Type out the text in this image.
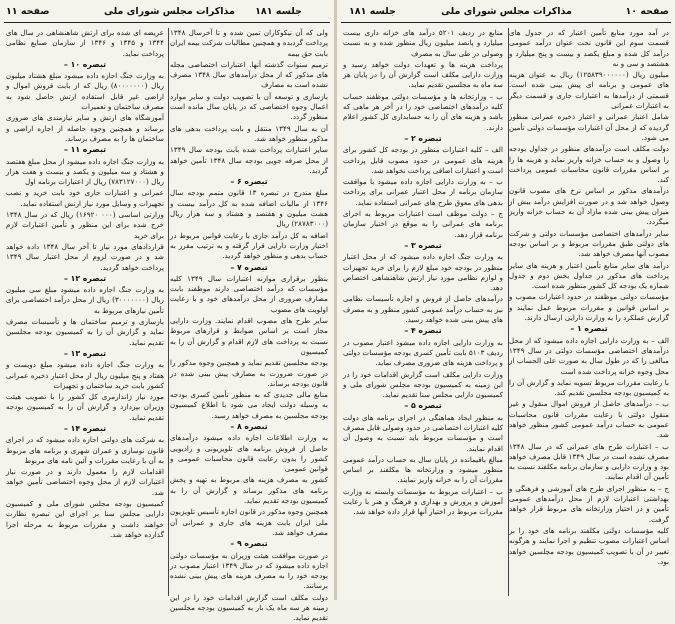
صفحه ۱۱	مذاکرات مجلس شورای ملی جلسه ۱۸۱

ولی که آن نیکوکاران تمین شده و تا آخرسال ۱۳۴۸ پرداخت گردیده و همچنین مطالبات شرکت بیمه ایران بابت حق بیمه

ترمیم سنوات گذشته آنها. اعتبارات اختصاصی مجله های مذکور که از محل درآمدهای سال ۱۳۴۸ مصرف نشده است به مصارف

بازسازی و توسعه آن با تصویب دولت و سایر موارد اعمال وجوه اختصاصی که در پایان سال مانده است منظور گردد.

آن به سال ۱۳۴۹ منتقل و بابت پرداخت بدهی های مذکور منظور خواهد شد.

سایر اعتبارات پرداخت شده بابت بودجه سال ۱۳۴۹ از محل صرفه جویی بودجه سال ۱۳۴۸ تأمین خواهد گردید.

تبصره ۶ –

مبلغ مندرج در تبصره ۱۳ قانون متمم بودجه سال ۱۳۴۶ از مالیات اضافه شده به کل درآمد بیست و هشت میلیون و هفتصد و هشتاد و سه هزار ریال (۲۸۷۸۳۰۰۰) ریال

اضافه به کل درآمد جاری با رعایت قوانین مربوط در اختیار وزارت دارایی قرار گرفته و به ترتیب مقرر به حساب بدهی و منظور خواهد گردید.

تبصره ۷ –

بنظور برقراری موازنه اعتبارات سال ۱۳۴۹ کلیه مؤسسات که درآمد اختصاصی دارند موظفند بابت مصارف ضروری از محل درآمدهای خود و با رعایت اولویت های مصوب

سایر طرح های مصوب اقدام نمایند. وزارت دارایی مجاز است بر اساس ضوابط و قرارهای مربوط نسبت به پرداخت های لازم اقدام و گزارش آن را به کمیسیون

بودجه مجلسین تقدیم نماید و همچنین وجوه مذکور را در صورت ضرورت به مصارف پیش بینی شده در قانون بودجه برساند.

منابع مالی جدیدی که به منظور تأمین کسری بودجه به وسیله دولت ایجاد می شود با اطلاع کمیسیون بودجه مجلسین به مصرف خواهد رسید.

تبصره ۸ –

به وزارت اطلاعات اجازه داده میشود درآمدهای حاصل از فروش برنامه های تلویزیونی و رادیویی کشور را بدون رعایت قانون محاسبات عمومی و قوانین عمومی

کشور به مصرف هزینه های مربوط به تهیه و پخش برنامه های مذکور برساند و گزارش آن را به کمیسیون بودجه تقدیم نماید.

همچنین وجوه مذکور در قانون اجازه تأسیس تلویزیون ملی ایران بابت هزینه های جاری و عمرانی آن مصرف خواهد شد.

تبصره ۹ –

در صورت موافقت هیئت وزیران به مؤسسات دولتی اجازه داده میشود که در سال ۱۳۴۹ اعتبار مصوب در بودجه خود را به مصرف هزینه های پیش بینی نشده برسانند.

دولت مکلف است گزارش اقدامات خود را در این زمینه هر سه ماه یک بار به کمیسیون بودجه مجلسین تقدیم نماید.

عریضه ای شده برای ارتش شاهنشاهی در سال های ۱۳۴۴ و ۱۳۴۵ و ۱۳۴۶ از سازمان صنایع نظامی پرداخت نماید.

تبصره ۱۰ –

به وزارت جنگ اجازه داده میشود مبلغ هشتاد میلیون ریال (۸۰۰۰۰۰۰۰) ریال که از بابت فروش اموال و اراضی غیر قابل استفاده ارتش حاصل شود به مصرف ساختمان و تعمیرات

آموزشگاه های ارتش و سایر نیازمندی های ضروری برساند و همچنین وجوه حاصله از اجاره اراضی و ساختمان ها را به مصرف برساند.

تبصره ۱۱ –

به وزارت جنگ اجازه داده میشود از محل مبلغ هفتصد و هشتاد و سه میلیون و یکصد و بیست و هفت هزار ریال (۷۸۳۱۲۷۰۰۰) ریال از اعتبارات برنامه اول

عمرانی و اعتبارات جاری خود بابت خرید و نصب تجهیزات و وسایل مورد نیاز ارتش استفاده نماید.

وزارتی اساسی (۰۰۰ ۱۶۹۲۰) ریال که در سال ۱۳۴۸ خرج شده برای این منظور و تأمین اعتبارات لازم برای خرید

قراردادهای مورد نیاز تا آخر سال ۱۳۴۸ داده خواهد شد و در صورت لزوم از محل اعتبار سال ۱۳۴۹ پرداخت خواهد گردید.

تبصره ۱۲ –

به وزارت جنگ اجازه داده میشود مبلغ سی میلیون ریال (۳۰۰۰۰۰۰۰) ریال از محل درآمد اختصاصی برای تأمین نیازهای مربوط به

بازسازی و ترمیم ساختمان ها و تأسیسات مصرف نماید و گزارش آن را به کمیسیون بودجه مجلسین تقدیم نماید.

تبصره ۱۳ –

به وزارت جنگ اجازه داده میشود مبلغ دویست و هفتاد و پنج میلیون ریال از محل اعتبار ذخیره عمرانی کشور بابت خرید ساختمان و تجهیزات

مورد نیاز ژاندارمری کل کشور را با تصویب هیئت وزیران بپردازد و گزارش آن را به کمیسیون بودجه تقدیم نماید.

تبصره ۱۴ –

به شرکت های دولتی اجازه داده میشود که در اجرای قانون نوسازی و عمران شهری و برنامه های مربوط به آن با رعایت مقررات و آئین نامه های مربوط

اقدامات لازم را معمول دارند و در صورت نیاز اعتبارات لازم از محل وجوه اختصاصی تأمین خواهد شد.

کمیسیون بودجه مجلس شورای ملی و کمیسیون دارایی مجلس سنا بر اجرای این تبصره نظارت خواهند داشت و مقررات مربوط به مرحله اجرا گذارده خواهد شد.

جلسه ۱۸۱	مذاکرات مجلس شورای ملی	صفحه ۱۰

در آمد مورد منابع تأمین اعتبار که در جدول های قسمت سوم این قانون تحت عنوان درآمد عمومی درآمد کل شده و مبلغ یکصد و بیست و پنج میلیارد و هشتصد و سی و نه

میلیون ریال (۱۲۵۸۳۹۰۰۰۰۰۰) ریال به عنوان هزینه های عمومی و برنامه ای پیش بینی شده است. قسمتی از درآمدها به اعتبارات جاری و قسمت دیگر به اعتبارات عمرانی

شامل اعتبار عمرانی و اعتبار ذخیره عمرانی منظور گردیده که از محل آن اعتبارات مؤسسات دولتی تأمین می شود.

دولت مکلف است درآمدهای منظور در جداول بودجه را وصول و به حساب خزانه واریز نماید و هزینه ها را بر اساس مقررات قانون محاسبات عمومی پرداخت کند.

درآمدهای مذکور بر اساس نرخ های مصوب قانون وصول خواهد شد و در صورت افزایش درآمد بیش از میزان پیش بینی شده مازاد آن به حساب خزانه واریز میگردد.

سایر درآمدهای اختصاصی مؤسسات دولتی و شرکت های دولتی طبق مقررات مربوط و بر اساس بودجه مصوب آنها مصرف خواهد شد.

درآمد های سایر منابع تأمین اعتبار و هزینه های سایر پرداخت های مذکور در جداول بخش دوم و جدول شماره یک بودجه کل کشور منظور شده است.

مؤسسات دولتی موظفند در حدود اعتبارات مصوب و بر اساس قوانین و مقررات مربوط عمل نمایند و گزارش عملکرد را به وزارت دارایی ارسال دارند.

تبصره ۱ –

الف – به وزارت دارایی اجازه داده میشود که از محل درآمدهای اختصاصی مؤسسات دولتی در سال ۱۳۴۹ مبالغی را که در طول سال به صورت علی الحساب از محل وجوه خزانه پرداخت شده است

با رعایت مقررات مربوط تسویه نماید و گزارش آن را به کمیسیون بودجه مجلسین تقدیم کند.

ب – درآمدهای حاصل از فروش اموال منقول و غیر منقول دولتی با رعایت مقررات قانون محاسبات عمومی به حساب درآمد عمومی کشور منظور خواهد شد.

ب – اعتبارات طرح های عمرانی که در سال ۱۳۴۸ مصرف نشده است در سال ۱۳۴۹ قابل مصرف خواهد بود و وزارت دارایی و سازمان برنامه مکلفند نسبت به تأمین آن اقدام نمایند.

ج – به منظور اجرای طرح های آموزشی و فرهنگی و بهداشتی اعتبارات لازم از محل درآمدهای عمومی تأمین و در اختیار وزارتخانه های مربوط قرار خواهد گرفت.

کلیه مؤسسات دولتی مکلفند برنامه های خود را بر اساس اعتبارات مصوب تنظیم و اجرا نمایند و هرگونه تغییر در آن با تصویب کمیسیون بودجه مجلسین خواهد بود.

منابع در ردیف ۵۲۰۱ درآمد های خزانه داری بیست میلیارد و پانصد میلیون ریال منظور شده و به نسبت وصولی در طی سال به مصرف

پرداخت هزینه ها و تعهدات دولت خواهد رسید و وزارت دارایی مکلف است گزارش آن را در پایان هر سه ماه به مجلسین تقدیم نماید.

ب – وزارتخانه ها و مؤسسات دولتی موظفند حساب کلیه درآمدهای اختصاصی خود را در آخر هر ماهی که باشد و هزینه های آن را به حسابداری کل کشور اعلام دارند.

تبصره ۲ –

الف – کلیه اعتبارات منظور در بودجه کل کشور برای هزینه های عمومی در حدود مصوب قابل پرداخت است و اعتبارات اضافی پرداخت نخواهد شد.

ب – به وزارت دارایی اجازه داده میشود با موافقت سازمان برنامه از محل اعتبار عمرانی برای پرداخت بدهی های معوق طرح های عمرانی استفاده نماید.

ج – دولت موظف است اعتبارات مربوط به اجرای برنامه های عمرانی را به موقع در اختیار سازمان برنامه قرار دهد.

تبصره ۳ –

به وزارت جنگ اجازه داده میشود که از محل اعتبار منظور در بودجه خود مبلغ لازم را برای خرید تجهیزات و لوازم نظامی مورد نیاز ارتش شاهنشاهی اختصاص دهد.

درآمدهای حاصل از فروش و اجاره تأسیسات نظامی نیز به حساب درآمد عمومی کشور منظور و به مصرف های پیش بینی شده خواهد رسید.

تبصره ۴ –

به وزارت دارایی اجازه داده میشود اعتبار مصوب در ردیف ۵۱۰۳ بابت تأمین کسری بودجه مؤسسات دولتی و پرداخت هزینه های ضروری مصرف نماید.

وزارت دارایی مکلف است گزارش اقدامات خود را در این زمینه به کمیسیون بودجه مجلس شورای ملی و کمیسیون دارایی مجلس سنا تقدیم نماید.

تبصره ۵ –

به منظور ایجاد هماهنگی در اجرای برنامه های دولت کلیه اعتبارات اختصاصی در حدود وصولی قابل مصرف است و مؤسسات مربوط باید نسبت به وصول آن اقدام نمایند.

مبالغ باقیمانده در پایان سال به حساب درآمد عمومی منظور میشود و وزارتخانه ها مکلفند بر اساس مقررات آن را به خزانه واریز نمایند.

ب – اعتبارات مربوط به مؤسسات وابسته به وزارت آموزش و پرورش و بهداری و فرهنگ و هنر با رعایت مقررات مربوط در اختیار آنها قرار داده خواهد شد.
